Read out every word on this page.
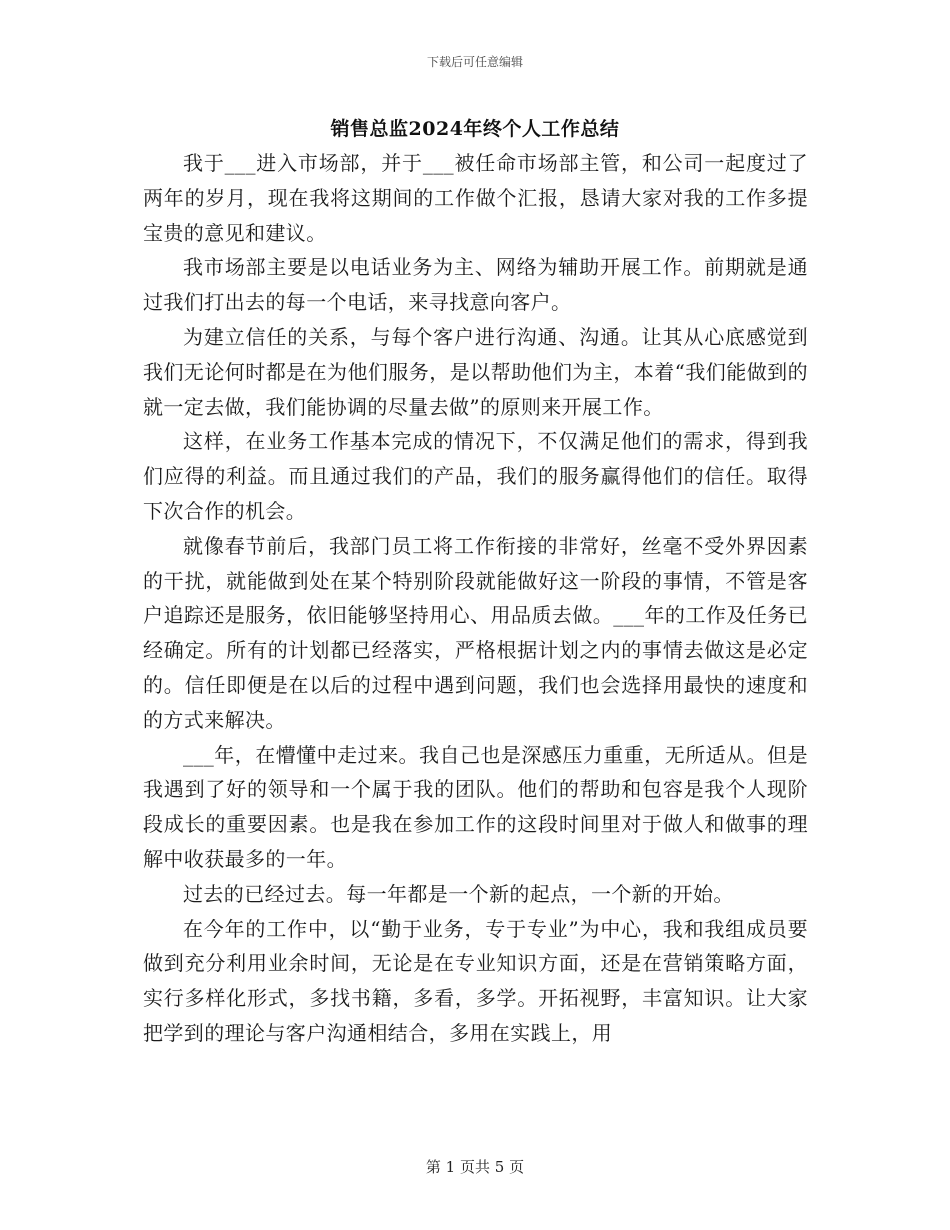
下载后可任意编辑
销售总监2024年终个人工作总结

我于___进入市场部，并于___被任命市场部主管，和公司一起度过了两年的岁月，现在我将这期间的工作做个汇报，恳请大家对我的工作多提宝贵的意见和建议。

我市场部主要是以电话业务为主、网络为辅助开展工作。前期就是通过我们打出去的每一个电话，来寻找意向客户。

为建立信任的关系，与每个客户进行沟通、沟通。让其从心底感觉到我们无论何时都是在为他们服务，是以帮助他们为主，本着“我们能做到的就一定去做，我们能协调的尽量去做”的原则来开展工作。

这样，在业务工作基本完成的情况下，不仅满足他们的需求，得到我们应得的利益。而且通过我们的产品，我们的服务赢得他们的信任。取得下次合作的机会。

就像春节前后，我部门员工将工作衔接的非常好，丝毫不受外界因素的干扰，就能做到处在某个特别阶段就能做好这一阶段的事情，不管是客户追踪还是服务，依旧能够坚持用心、用品质去做。___年的工作及任务已经确定。所有的计划都已经落实，严格根据计划之内的事情去做这是必定的。信任即便是在以后的过程中遇到问题，我们也会选择用最快的速度和的方式来解决。

___年，在懵懂中走过来。我自己也是深感压力重重，无所适从。但是我遇到了好的领导和一个属于我的团队。他们的帮助和包容是我个人现阶段成长的重要因素。也是我在参加工作的这段时间里对于做人和做事的理解中收获最多的一年。

过去的已经过去。每一年都是一个新的起点，一个新的开始。

在今年的工作中，以“勤于业务，专于专业”为中心，我和我组成员要做到充分利用业余时间，无论是在专业知识方面，还是在营销策略方面，实行多样化形式，多找书籍，多看，多学。开拓视野，丰富知识。让大家把学到的理论与客户沟通相结合，多用在实践上，用

第 1 页共 5 页
